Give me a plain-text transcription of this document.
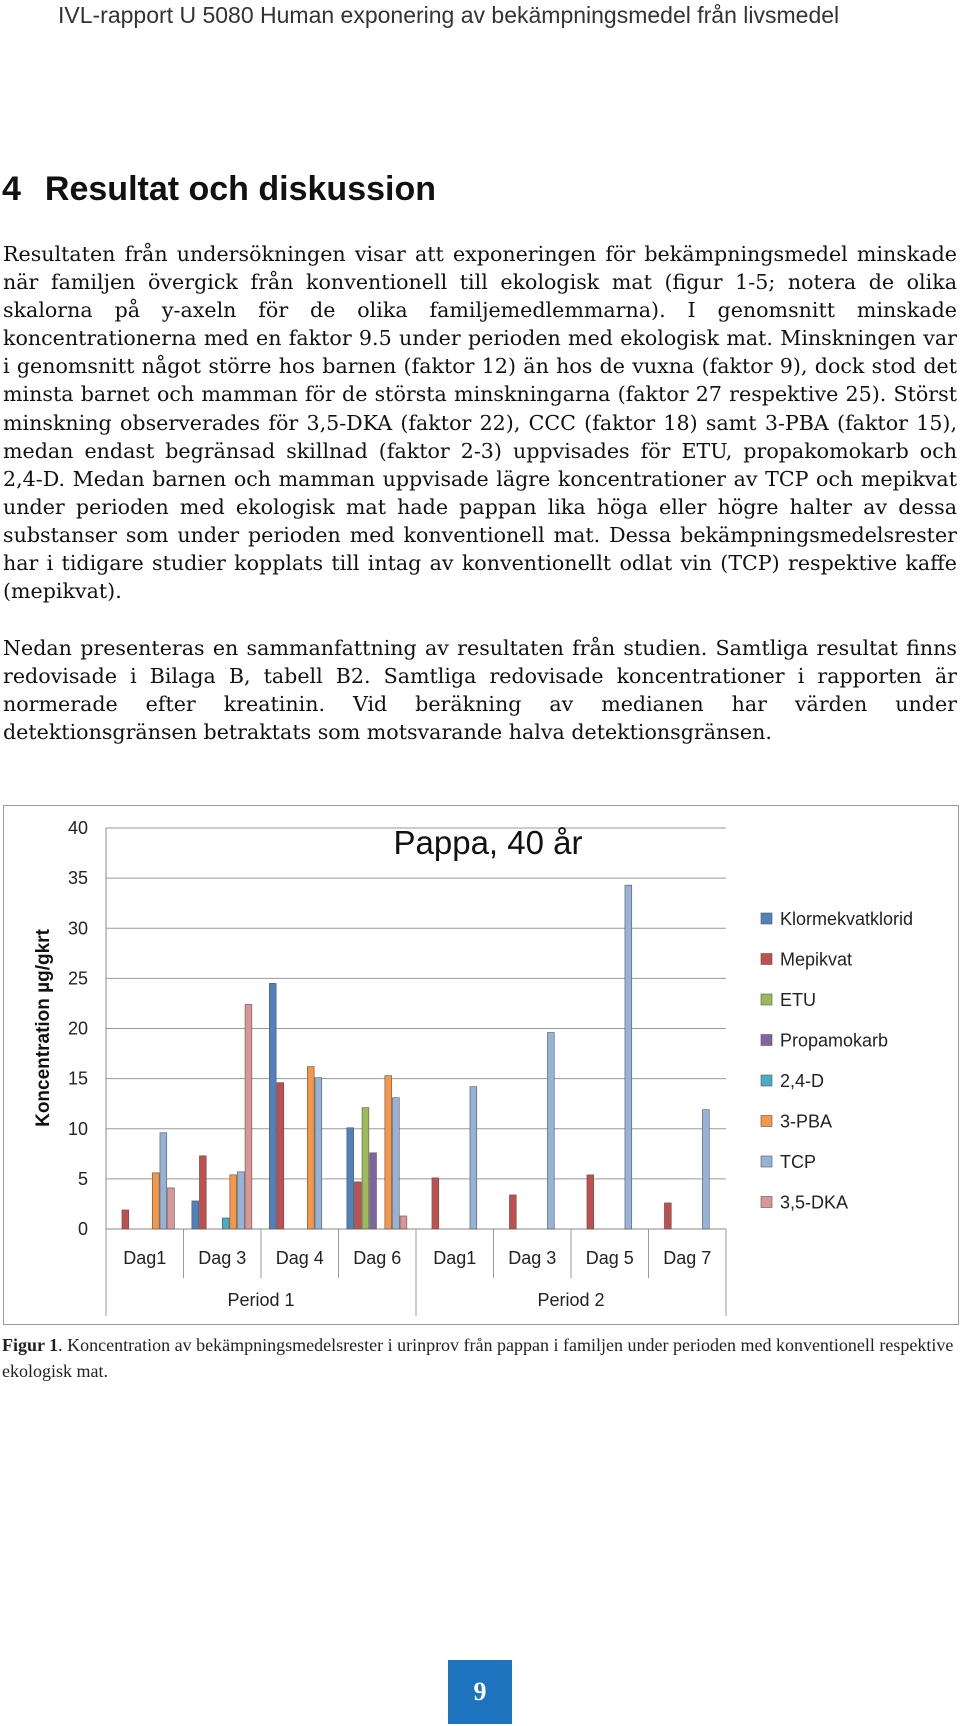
IVL-rapport U 5080 Human exponering av bekämpningsmedel från livsmedel
4 Resultat och diskussion

Resultaten från undersökningen visar att exponeringen för bekämpningsmedel minskade när familjen övergick från konventionell till ekologisk mat (figur 1-5; notera de olika skalorna på y-axeln för de olika familjemedlemmarna). I genomsnitt minskade koncentrationerna med en faktor 9.5 under perioden med ekologisk mat. Minskningen var i genomsnitt något större hos barnen (faktor 12) än hos de vuxna (faktor 9), dock stod det minsta barnet och mamman för de största minskningarna (faktor 27 respektive 25). Störst minskning observerades för 3,5-DKA (faktor 22), CCC (faktor 18) samt 3-PBA (faktor 15), medan endast begränsad skillnad (faktor 2-3) uppvisades för ETU, propakomokarb och 2,4-D. Medan barnen och mamman uppvisade lägre koncentrationer av TCP och mepikvat under perioden med ekologisk mat hade pappan lika höga eller högre halter av dessa substanser som under perioden med konventionell mat. Dessa bekämpningsmedelsrester har i tidigare studier kopplats till intag av konventionellt odlat vin (TCP) respektive kaffe (mepikvat).

Nedan presenteras en sammanfattning av resultaten från studien. Samtliga resultat finns redovisade i Bilaga B, tabell B2. Samtliga redovisade koncentrationer i rapporten är normerade efter kreatinin. Vid beräkning av medianen har värden under detektionsgränsen betraktats som motsvarande halva detektionsgränsen.

0
5
10
15
20
25
30
35
40
Dag1 Dag 3 Dag 4 Dag 6 Dag1 Dag 3 Dag 5 Dag 7
Period 1	Period 2
Pappa, 40 år
Koncentration µg/gkrt
Klormekvatklorid
Mepikvat
ETU
Propamokarb
2,4-D
3-PBA
TCP
3,5-DKA
Figur 1. Koncentration av bekämpningsmedelsrester i urinprov från pappan i familjen under perioden med konventionell respektive ekologisk mat.
9
